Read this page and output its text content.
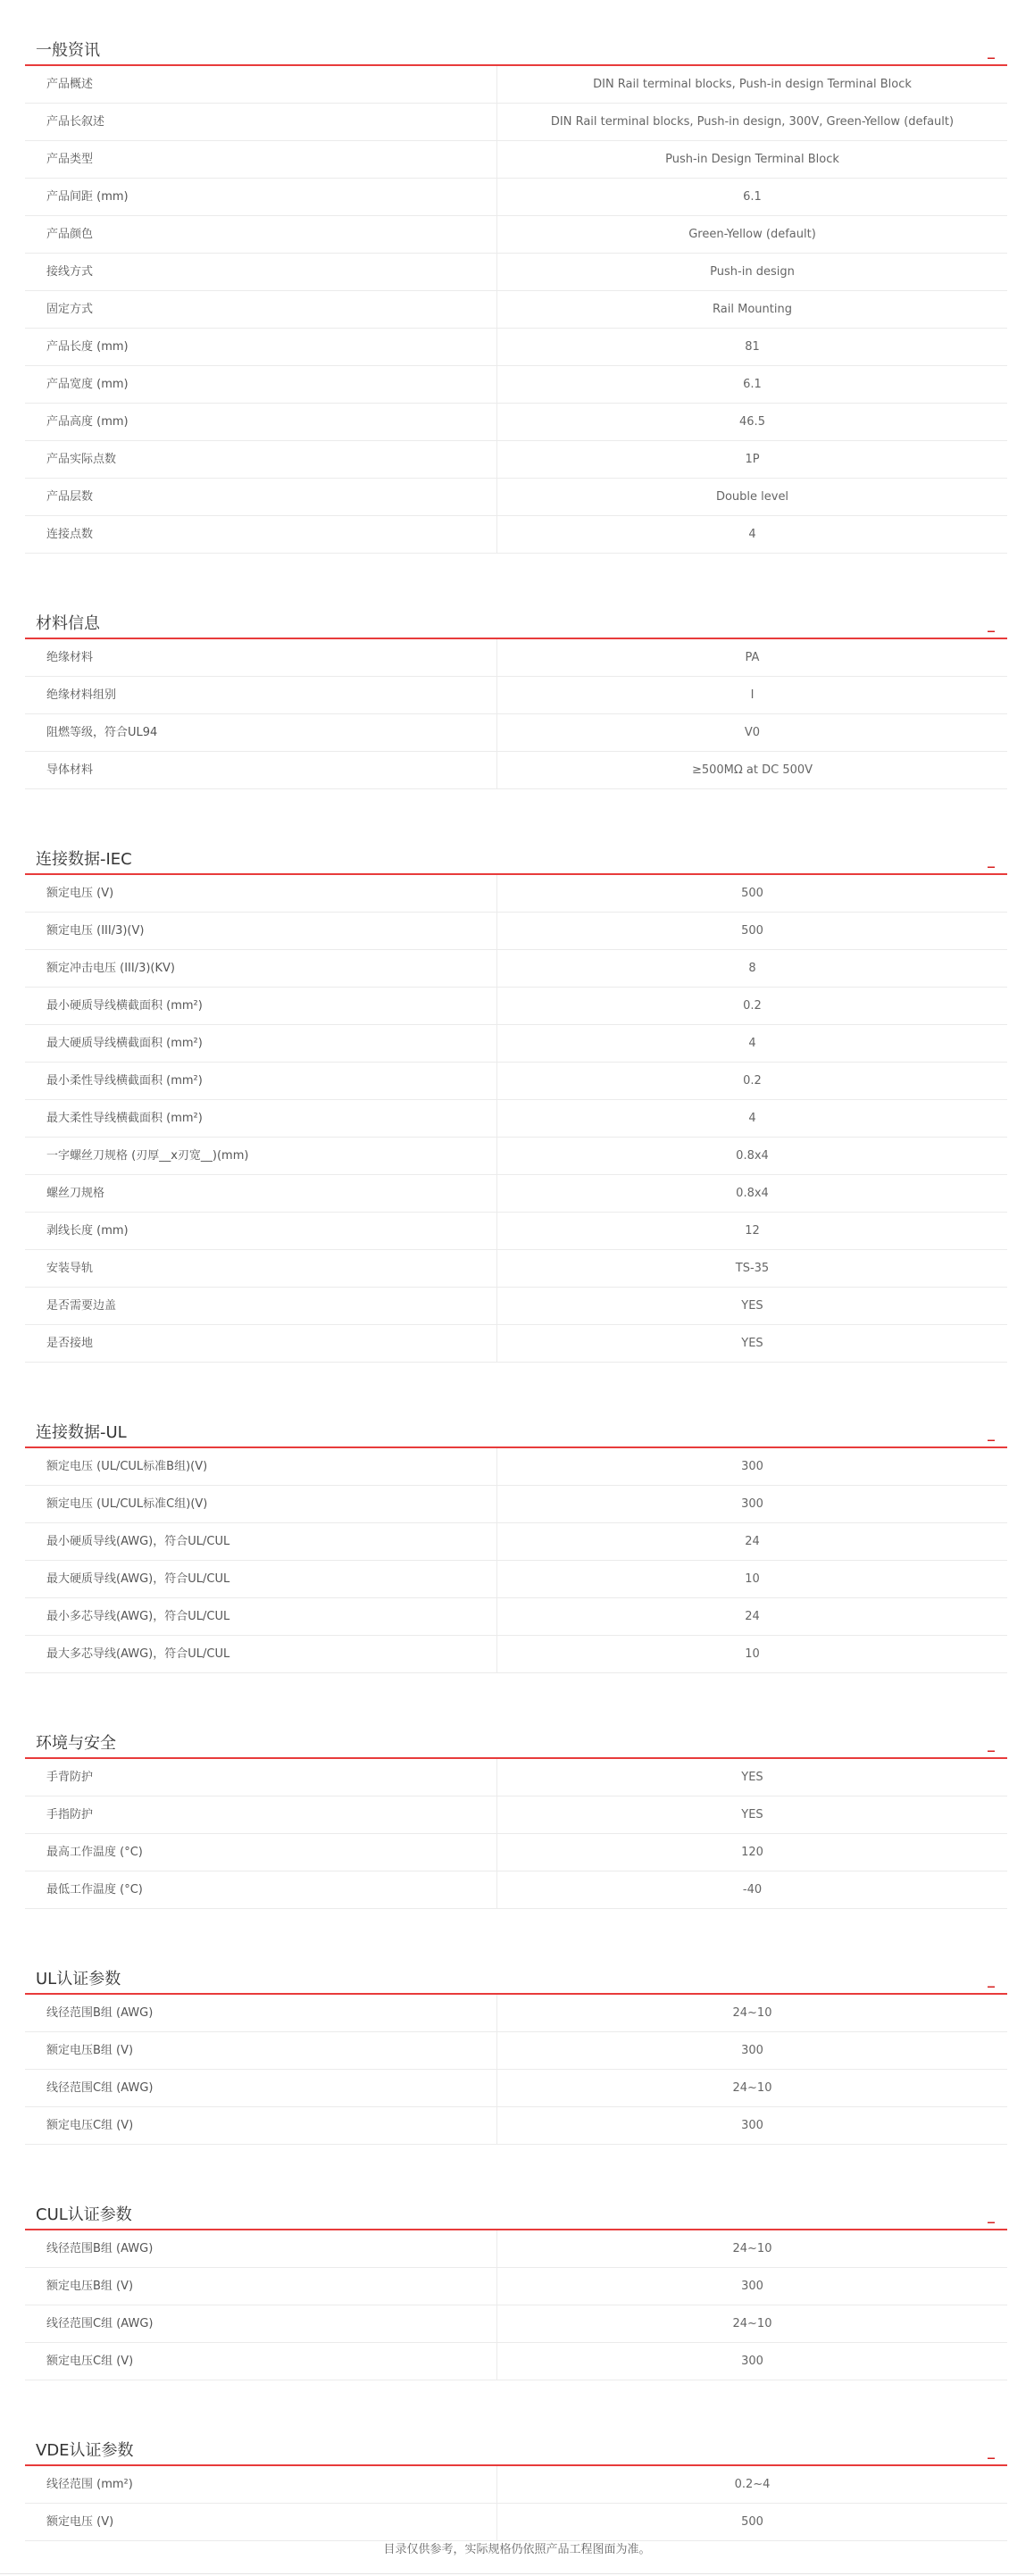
一般资讯	_
产品概述	DIN Rail terminal blocks, Push-in design Terminal Block
产品长叙述	DIN Rail terminal blocks, Push-in design, 300V, Green-Yellow (default)
产品类型	Push-in Design Terminal Block
产品间距 (mm)	6.1
产品颜色	Green-Yellow (default)
接线方式	Push-in design
固定方式	Rail Mounting
产品长度 (mm)	81
产品宽度 (mm)	6.1
产品高度 (mm)	46.5
产品实际点数	1P
产品层数	Double level
连接点数	4
材料信息	_
绝缘材料	PA
绝缘材料组别	I
阻燃等级，符合UL94	V0
导体材料	≥500MΩ at DC 500V
连接数据-IEC	_
额定电压 (V)	500
额定电压 (III/3)(V)	500
额定冲击电压 (III/3)(KV)	8
最小硬质导线横截面积 (mm²)	0.2
最大硬质导线横截面积 (mm²)	4
最小柔性导线横截面积 (mm²)	0.2
最大柔性导线横截面积 (mm²)	4
一字螺丝刀规格 (刃厚__x刃宽__)(mm)	0.8x4
螺丝刀规格	0.8x4
剥线长度 (mm)	12
安装导轨	TS-35
是否需要边盖	YES
是否接地	YES
连接数据-UL	_
额定电压 (UL/CUL标准B组)(V)	300
额定电压 (UL/CUL标准C组)(V)	300
最小硬质导线(AWG)，符合UL/CUL	24
最大硬质导线(AWG)，符合UL/CUL	10
最小多芯导线(AWG)，符合UL/CUL	24
最大多芯导线(AWG)，符合UL/CUL	10
环境与安全	_
手背防护	YES
手指防护	YES
最高工作温度 (°C)	120
最低工作温度 (°C)	-40
UL认证参数	_
线径范围B组 (AWG)	24~10
额定电压B组 (V)	300
线径范围C组 (AWG)	24~10
额定电压C组 (V)	300
CUL认证参数	_
线径范围B组 (AWG)	24~10
额定电压B组 (V)	300
线径范围C组 (AWG)	24~10
额定电压C组 (V)	300
VDE认证参数	_
线径范围 (mm²)	0.2~4
额定电压 (V)	500
目录仅供参考，实际规格仍依照产品工程图面为准。
